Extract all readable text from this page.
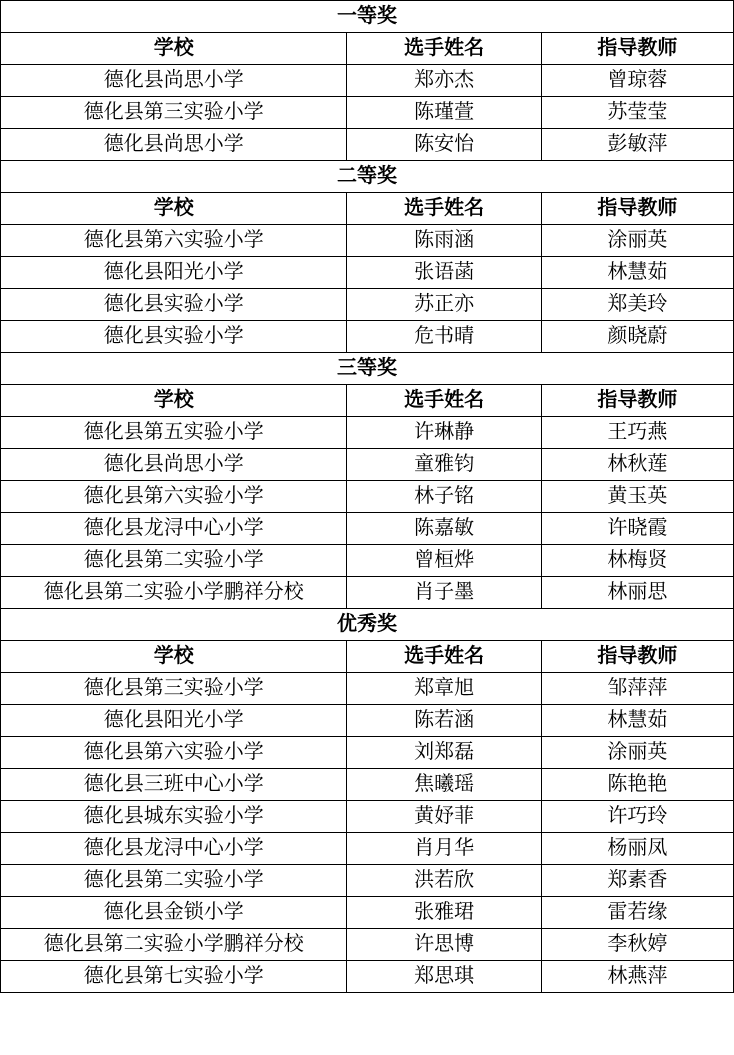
一等奖		
学校	选手姓名	指导教师
德化县尚思小学	郑亦杰	曾琼蓉
德化县第三实验小学	陈瑾萱	苏莹莹
德化县尚思小学	陈安怡	彭敏萍
二等奖		
学校	选手姓名	指导教师
德化县第六实验小学	陈雨涵	涂丽英
德化县阳光小学	张语菡	林慧茹
德化县实验小学	苏正亦	郑美玲
德化县实验小学	危书晴	颜晓蔚
三等奖		
学校	选手姓名	指导教师
德化县第五实验小学	许琳静	王巧燕
德化县尚思小学	童雅钧	林秋莲
德化县第六实验小学	林子铭	黄玉英
德化县龙浔中心小学	陈嘉敏	许晓霞
德化县第二实验小学	曾桓烨	林梅贤
德化县第二实验小学鹏祥分校	肖子墨	林丽思
优秀奖		
学校	选手姓名	指导教师
德化县第三实验小学	郑章旭	邹萍萍
德化县阳光小学	陈若涵	林慧茹
德化县第六实验小学	刘郑磊	涂丽英
德化县三班中心小学	焦曦瑶	陈艳艳
德化县城东实验小学	黄妤菲	许巧玲
德化县龙浔中心小学	肖月华	杨丽凤
德化县第二实验小学	洪若欣	郑素香
德化县金锁小学	张雅珺	雷若缘
德化县第二实验小学鹏祥分校	许思博	李秋婷
德化县第七实验小学	郑思琪	林燕萍
